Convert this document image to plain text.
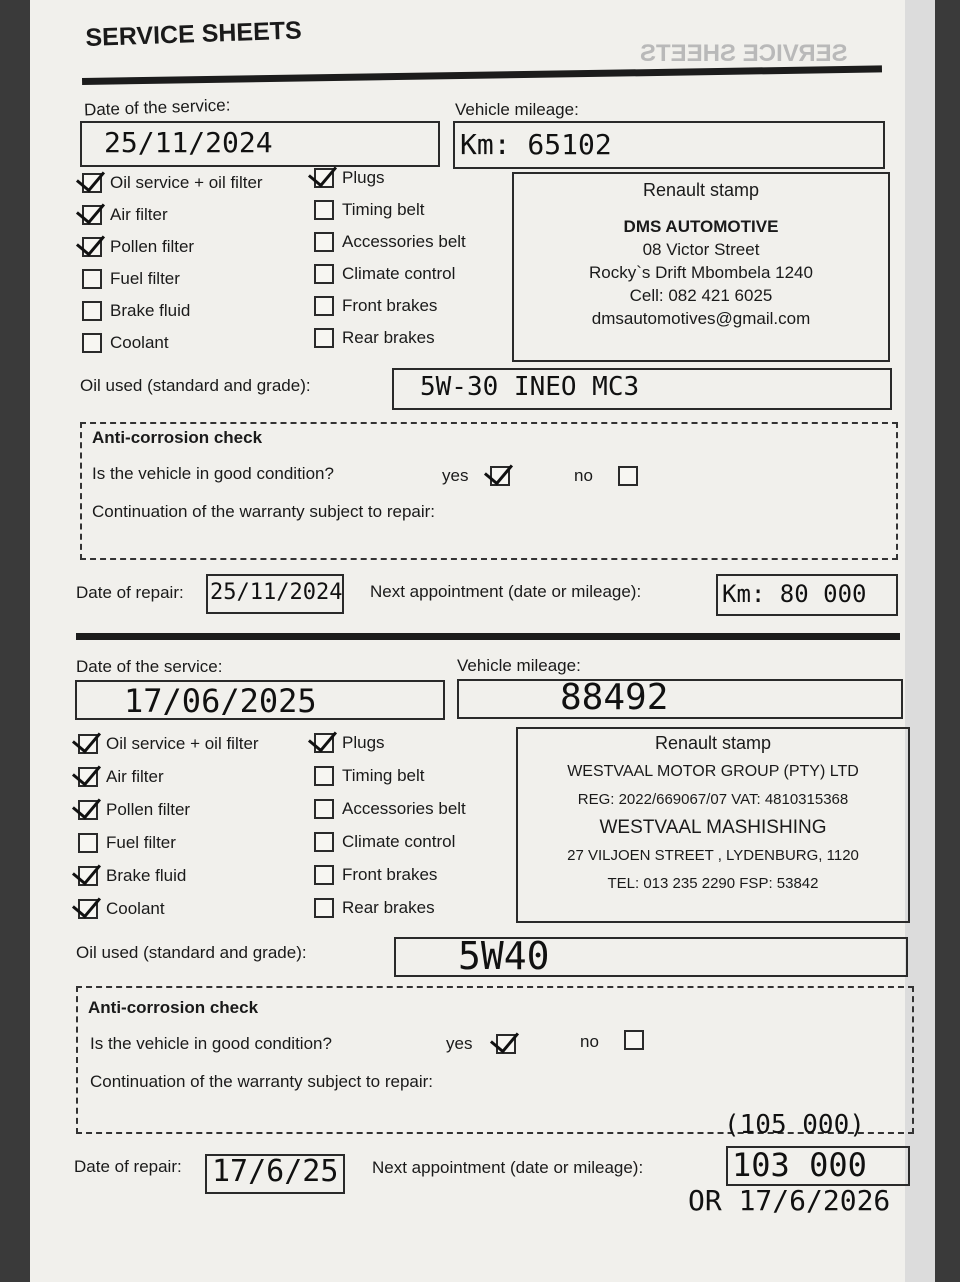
SERVICE SHEETS
SERVICE SHEETS
Date of the service:
25/11/2024
Vehicle mileage:
Km: 65102
Oil service + oil filter
Air filter
Pollen filter
Fuel filter
Brake fluid
Coolant
Plugs
Timing belt
Accessories belt
Climate control
Front brakes
Rear brakes
Renault stamp
DMS AUTOMOTIVE
08 Victor Street
Rocky`s Drift Mbombela 1240
Cell: 082 421 6025
dmsautomotives@gmail.com
Oil used (standard and grade):	5W-30 INEO MC3
Anti-corrosion check
Is the vehicle in good condition?	yes	no
Continuation of the warranty subject to repair:
Date of repair: 25/11/2024 Next appointment (date or mileage):	Km: 80 000
Date of the service:
17/06/2025
Vehicle mileage:
88492
Oil service + oil filter
Air filter
Pollen filter
Fuel filter
Brake fluid
Coolant
Plugs
Timing belt
Accessories belt
Climate control
Front brakes
Rear brakes
Renault stamp
WESTVAAL MOTOR GROUP (PTY) LTD
REG: 2022/669067/07 VAT: 4810315368
WESTVAAL MASHISHING
27 VILJOEN STREET , LYDENBURG, 1120
TEL: 013 235 2290 FSP: 53842
Oil used (standard and grade):	5W40
Anti-corrosion check
Is the vehicle in good condition?	yes	no
Continuation of the warranty subject to repair:
Date of repair: 17/6/25 Next appointment (date or mileage):
(105 000)
103 000
OR 17/6/2026
